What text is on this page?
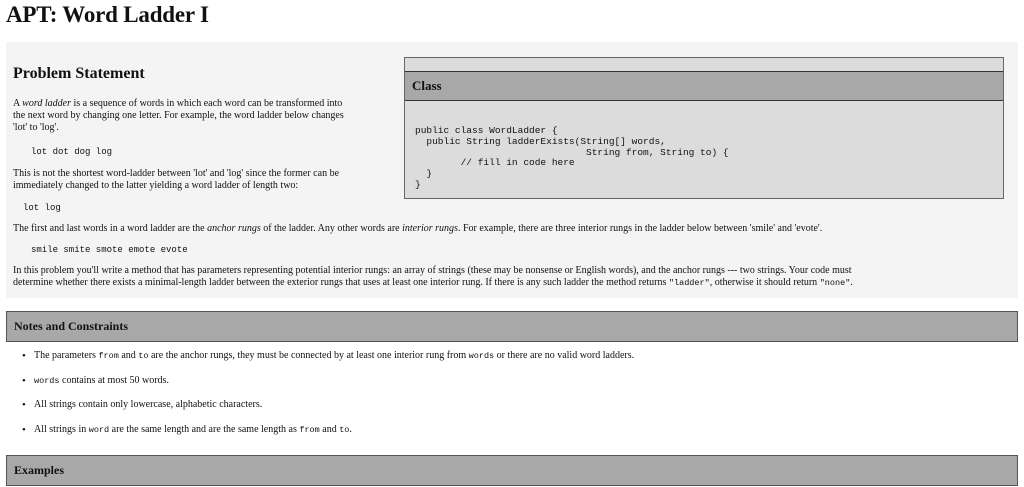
APT: Word Ladder I
Problem Statement

A word ladder is a sequence of words in which each word can be transformed into
the next word by changing one letter. For example, the word ladder below changes
'lot' to 'log'.

lot dot dog log

This is not the shortest word-ladder between 'lot' and 'log' since the former can be
immediately changed to the latter yielding a word ladder of length two:

lot log

Class
public class WordLadder {
public String ladderExists(String[] words,
String from, String to) {
// fill in code here
}
}

The first and last words in a word ladder are the anchor rungs of the ladder. Any other words are interior rungs. For example, there are three interior rungs in the ladder below between 'smile' and 'evote'.

smile smite smote emote evote

In this problem you'll write a method that has parameters representing potential interior rungs: an array of strings (these may be nonsense or English words), and the anchor rungs --- two strings. Your code must
determine whether there exists a minimal-length ladder between the exterior rungs that uses at least one interior rung. If there is any such ladder the method returns "ladder", otherwise it should return "none".

Notes and Constraints
• The parameters from and to are the anchor rungs, they must be connected by at least one interior rung from words or there are no valid word ladders.
• words contains at most 50 words.
• All strings contain only lowercase, alphabetic characters.
• All strings in word are the same length and are the same length as from and to.
Examples
